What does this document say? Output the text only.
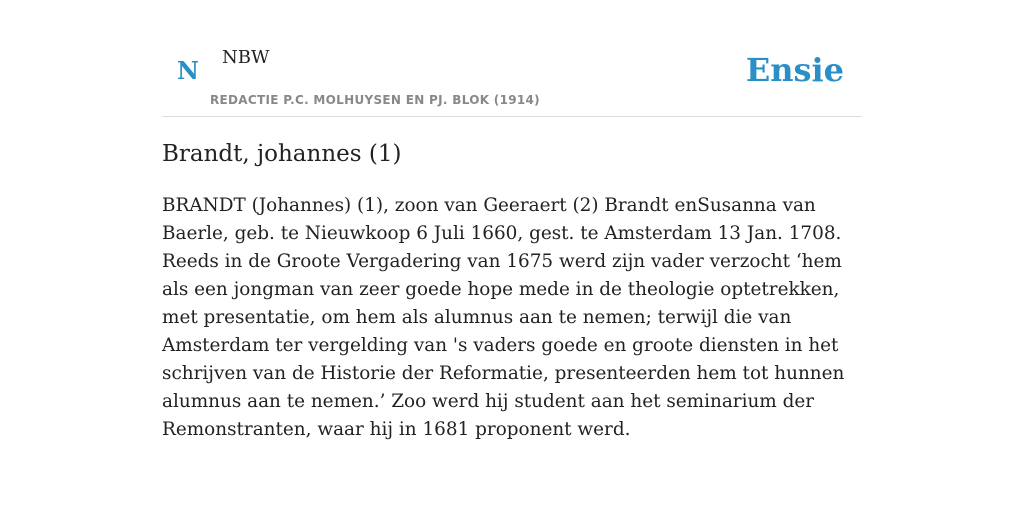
N NBW
REDACTIE P.C. MOLHUYSEN EN PJ. BLOK (1914)
Ensie
Brandt, johannes (1)

BRANDT (Johannes) (1), zoon van Geeraert (2) Brandt enSusanna van Baerle, geb. te Nieuwkoop 6 Juli 1660, gest. te Amsterdam 13 Jan. 1708. Reeds in de Groote Vergadering van 1675 werd zijn vader verzocht ‘hem als een jongman van zeer goede hope mede in de theologie optetrekken, met presentatie, om hem als alumnus aan te nemen; terwijl die van Amsterdam ter vergelding van 's vaders goede en groote diensten in het schrijven van de Historie der Reformatie, presenteerden hem tot hunnen alumnus aan te nemen.’ Zoo werd hij student aan het seminarium der Remonstranten, waar hij in 1681 proponent werd.
